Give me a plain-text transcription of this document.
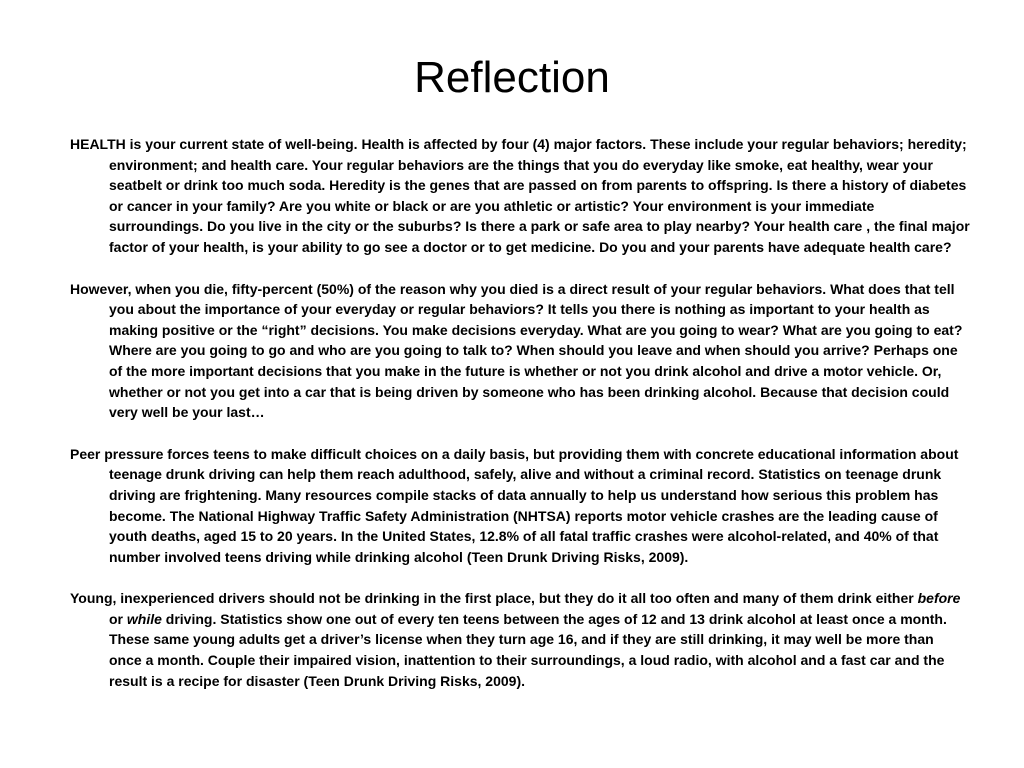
Reflection

HEALTH is your current state of well-being. Health is affected by four (4) major factors. These include your regular behaviors; heredity; environment; and health care. Your regular behaviors are the things that you do everyday like smoke, eat healthy, wear your seatbelt or drink too much soda. Heredity is the genes that are passed on from parents to offspring. Is there a history of diabetes or cancer in your family? Are you white or black or are you athletic or artistic? Your environment is your immediate surroundings. Do you live in the city or the suburbs? Is there a park or safe area to play nearby? Your health care , the final major factor of your health, is your ability to go see a doctor or to get medicine. Do you and your parents have adequate health care?

However, when you die, fifty-percent (50%) of the reason why you died is a direct result of your regular behaviors. What does that tell you about the importance of your everyday or regular behaviors? It tells you there is nothing as important to your health as making positive or the “right” decisions. You make decisions everyday. What are you going to wear? What are you going to eat? Where are you going to go and who are you going to talk to? When should you leave and when should you arrive? Perhaps one of the more important decisions that you make in the future is whether or not you drink alcohol and drive a motor vehicle. Or, whether or not you get into a car that is being driven by someone who has been drinking alcohol. Because that decision could very well be your last…

Peer pressure forces teens to make difficult choices on a daily basis, but providing them with concrete educational information about teenage drunk driving can help them reach adulthood, safely, alive and without a criminal record. Statistics on teenage drunk driving are frightening. Many resources compile stacks of data annually to help us understand how serious this problem has become. The National Highway Traffic Safety Administration (NHTSA) reports motor vehicle crashes are the leading cause of youth deaths, aged 15 to 20 years. In the United States, 12.8% of all fatal traffic crashes were alcohol-related, and 40% of that number involved teens driving while drinking alcohol (Teen Drunk Driving Risks, 2009).

Young, inexperienced drivers should not be drinking in the first place, but they do it all too often and many of them drink either before or while driving. Statistics show one out of every ten teens between the ages of 12 and 13 drink alcohol at least once a month. These same young adults get a driver’s license when they turn age 16, and if they are still drinking, it may well be more than once a month. Couple their impaired vision, inattention to their surroundings, a loud radio, with alcohol and a fast car and the result is a recipe for disaster (Teen Drunk Driving Risks, 2009).
